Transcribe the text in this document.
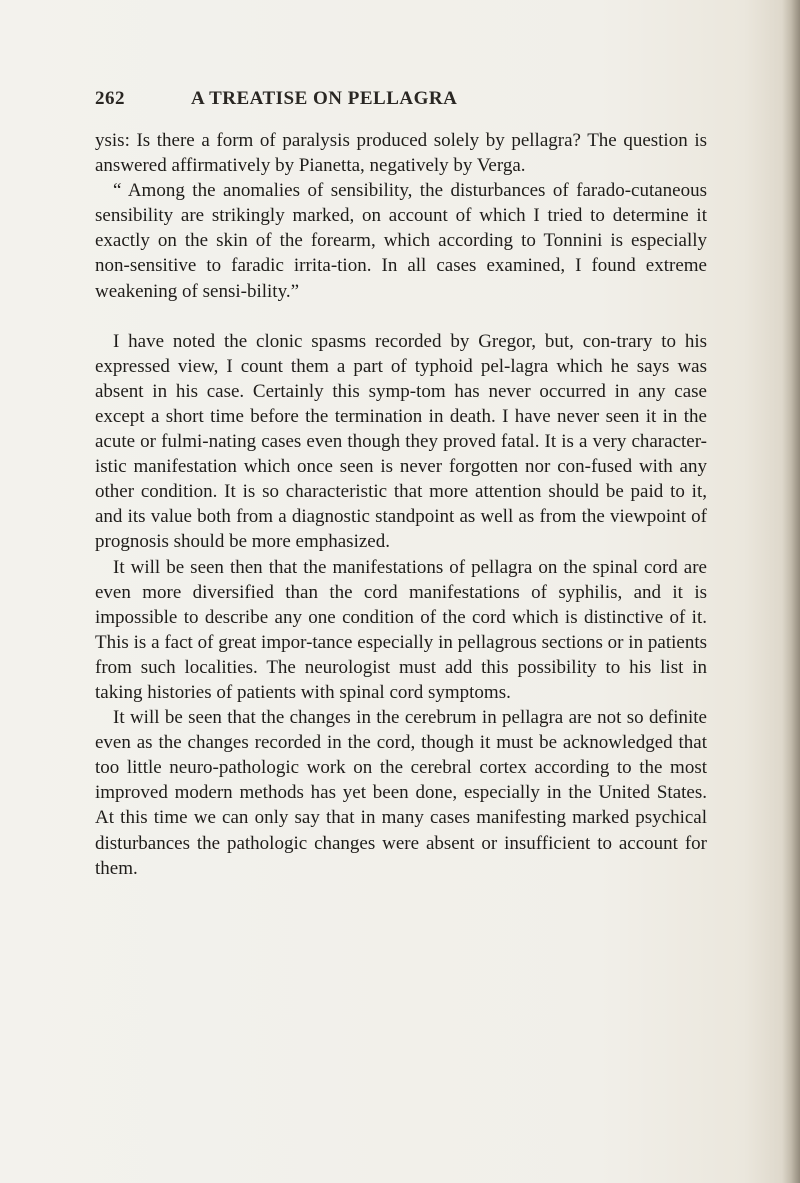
262	A TREATISE ON PELLAGRA

ysis: Is there a form of paralysis produced solely by pellagra? The question is answered affirmatively by Pianetta, negatively by Verga.

“ Among the anomalies of sensibility, the disturbances of farado-cutaneous sensibility are strikingly marked, on account of which I tried to determine it exactly on the skin of the forearm, which according to Tonnini is especially non-sensitive to faradic irrita-tion. In all cases examined, I found extreme weakening of sensi-bility.”

I have noted the clonic spasms recorded by Gregor, but, con-trary to his expressed view, I count them a part of typhoid pel-lagra which he says was absent in his case. Certainly this symp-tom has never occurred in any case except a short time before the termination in death. I have never seen it in the acute or fulmi-nating cases even though they proved fatal. It is a very character-istic manifestation which once seen is never forgotten nor con-fused with any other condition. It is so characteristic that more attention should be paid to it, and its value both from a diagnostic standpoint as well as from the viewpoint of prognosis should be more emphasized.

It will be seen then that the manifestations of pellagra on the spinal cord are even more diversified than the cord manifestations of syphilis, and it is impossible to describe any one condition of the cord which is distinctive of it. This is a fact of great impor-tance especially in pellagrous sections or in patients from such localities. The neurologist must add this possibility to his list in taking histories of patients with spinal cord symptoms.

It will be seen that the changes in the cerebrum in pellagra are not so definite even as the changes recorded in the cord, though it must be acknowledged that too little neuro-pathologic work on the cerebral cortex according to the most improved modern methods has yet been done, especially in the United States. At this time we can only say that in many cases manifesting marked psychical disturbances the pathologic changes were absent or insufficient to account for them.
